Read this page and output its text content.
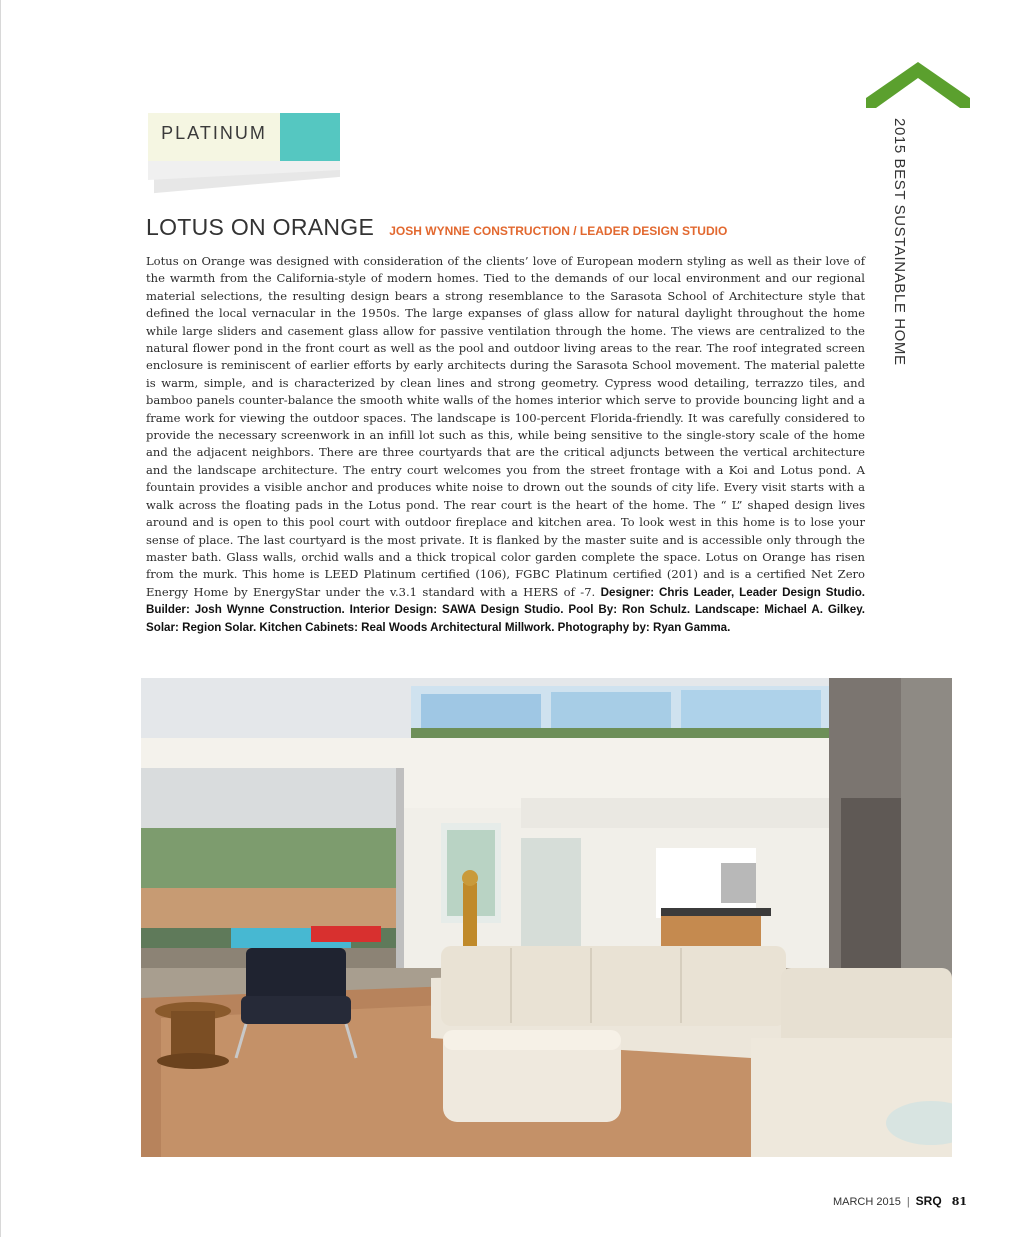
PLATINUM	2015 BEST SUSTAINABLE HOME
LOTUS ON ORANGE JOSH WYNNE CONSTRUCTION / LEADER DESIGN STUDIO

Lotus on Orange was designed with consideration of the clients’ love of European modern styling as well as their love of the warmth from the California-style of modern homes. Tied to the demands of our local environment and our regional material selections, the resulting design bears a strong resemblance to the Sarasota School of Architecture style that defined the local vernacular in the 1950s. The large expanses of glass allow for natural daylight throughout the home while large sliders and casement glass allow for passive ventilation through the home. The views are centralized to the natural flower pond in the front court as well as the pool and outdoor living areas to the rear. The roof integrated screen enclosure is reminiscent of earlier efforts by early architects during the Sarasota School movement. The material palette is warm, simple, and is characterized by clean lines and strong geometry. Cypress wood detailing, terrazzo tiles, and bamboo panels counter-balance the smooth white walls of the homes interior which serve to provide bouncing light and a frame work for viewing the outdoor spaces. The landscape is 100-percent Florida-friendly. It was carefully considered to provide the necessary screenwork in an infill lot such as this, while being sensitive to the single-story scale of the home and the adjacent neighbors. There are three courtyards that are the critical adjuncts between the vertical architecture and the landscape architecture. The entry court welcomes you from the street frontage with a Koi and Lotus pond. A fountain provides a visible anchor and produces white noise to drown out the sounds of city life. Every visit starts with a walk across the floating pads in the Lotus pond. The rear court is the heart of the home. The “ L” shaped design lives around and is open to this pool court with outdoor fireplace and kitchen area. To look west in this home is to lose your sense of place. The last courtyard is the most private. It is flanked by the master suite and is accessible only through the master bath. Glass walls, orchid walls and a thick tropical color garden complete the space. Lotus on Orange has risen from the murk. This home is LEED Platinum certified (106), FGBC Platinum certified (201) and is a certified Net Zero Energy Home by EnergyStar under the v.3.1 standard with a HERS of -7. Designer: Chris Leader, Leader Design Studio. Builder: Josh Wynne Construction. Interior Design: SAWA Design Studio. Pool By: Ron Schulz. Landscape: Michael A. Gilkey. Solar: Region Solar. Kitchen Cabinets: Real Woods Architectural Millwork. Photography by: Ryan Gamma.

MARCH 2015 | SRQ 81
